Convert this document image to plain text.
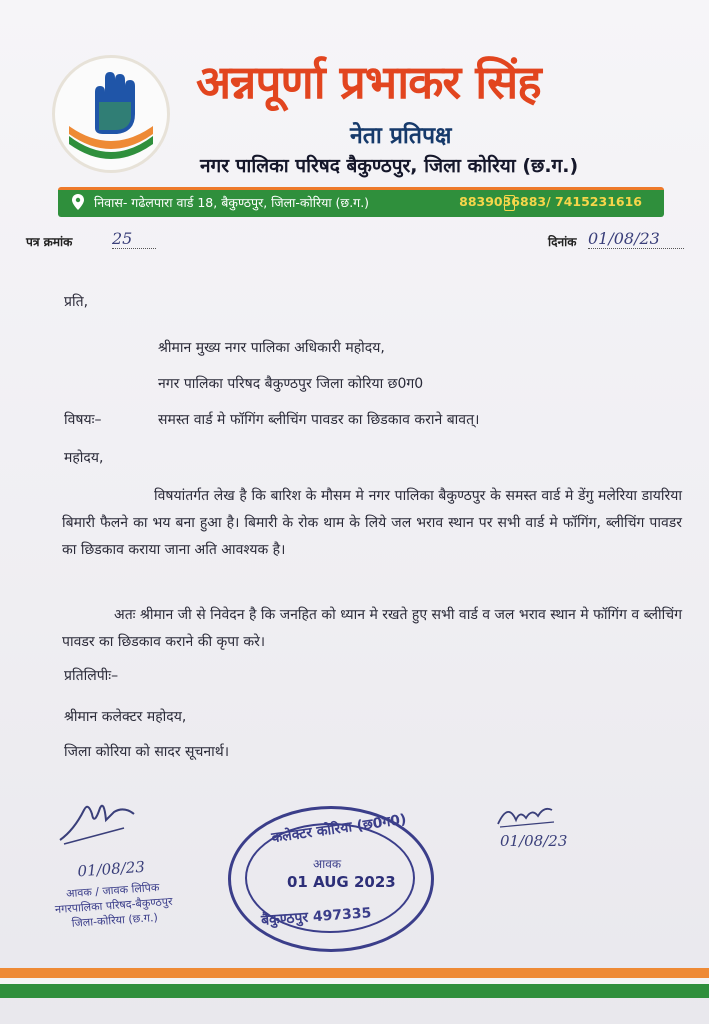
अन्नपूर्णा प्रभाकर सिंह
नेता प्रतिपक्ष
नगर पालिका परिषद बैकुण्ठपुर, जिला कोरिया (छ.ग.)
निवास- गढेलपारा वार्ड 18, बैकुण्ठपुर, जिला-कोरिया (छ.ग.)	8839036883/ 7415231616
पत्र क्रमांक 25	दिनांक 01/08/23
प्रति,
श्रीमान मुख्य नगर पालिका अधिकारी महोदय,
नगर पालिका परिषद बैकुण्ठपुर जिला कोरिया छ0ग0
विषयः–	समस्त वार्ड मे फॉगिंग ब्लीचिंग पावडर का छिडकाव कराने बावत्।
महोदय,
विषयांतर्गत लेख है कि बारिश के मौसम मे नगर पालिका बैकुण्ठपुर के समस्त वार्ड मे डेंगु मलेरिया डायरिया बिमारी फैलने का भय बना हुआ है। बिमारी के रोक थाम के लिये जल भराव स्थान पर सभी वार्ड मे फॉगिंग, ब्लीचिंग पावडर का छिडकाव कराया जाना अति आवश्यक है।
अतः श्रीमान जी से निवेदन है कि जनहित को ध्यान मे रखते हुए सभी वार्ड व जल भराव स्थान मे फॉगिंग व ब्लीचिंग पावडर का छिडकाव कराने की कृपा करे।
प्रतिलिपीः–
श्रीमान कलेक्टर महोदय,
जिला कोरिया को सादर सूचनार्थ।
01/08/23
आवक / जावक लिपिक
नगरपालिका परिषद-बैकुण्ठपुर
जिला-कोरिया (छ.ग.)
कलेक्टर कोरिया (छ0ग0)
आवक
01 AUG 2023
बैकुण्ठपुर 497335
01/08/23
